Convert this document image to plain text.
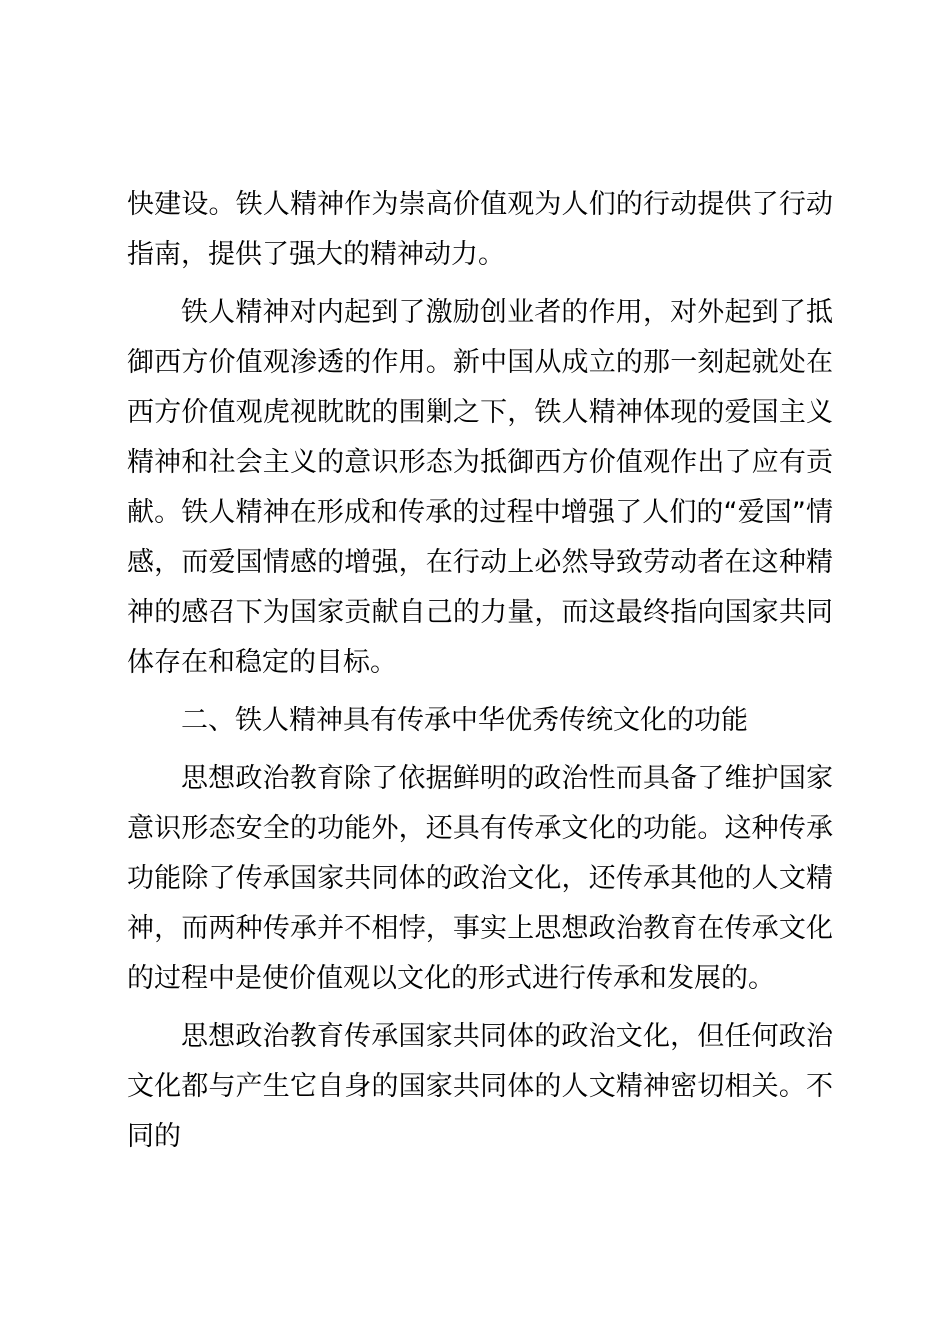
快建设。铁人精神作为崇高价值观为人们的行动提供了行动指南，提供了强大的精神动力。

铁人精神对内起到了激励创业者的作用，对外起到了抵御西方价值观渗透的作用。新中国从成立的那一刻起就处在西方价值观虎视眈眈的围剿之下，铁人精神体现的爱国主义精神和社会主义的意识形态为抵御西方价值观作出了应有贡献。铁人精神在形成和传承的过程中增强了人们的“爱国”情感，而爱国情感的增强，在行动上必然导致劳动者在这种精神的感召下为国家贡献自己的力量，而这最终指向国家共同体存在和稳定的目标。

二、铁人精神具有传承中华优秀传统文化的功能

思想政治教育除了依据鲜明的政治性而具备了维护国家意识形态安全的功能外，还具有传承文化的功能。这种传承功能除了传承国家共同体的政治文化，还传承其他的人文精神，而两种传承并不相悖，事实上思想政治教育在传承文化的过程中是使价值观以文化的形式进行传承和发展的。

思想政治教育传承国家共同体的政治文化，但任何政治文化都与产生它自身的国家共同体的人文精神密切相关。不同的
